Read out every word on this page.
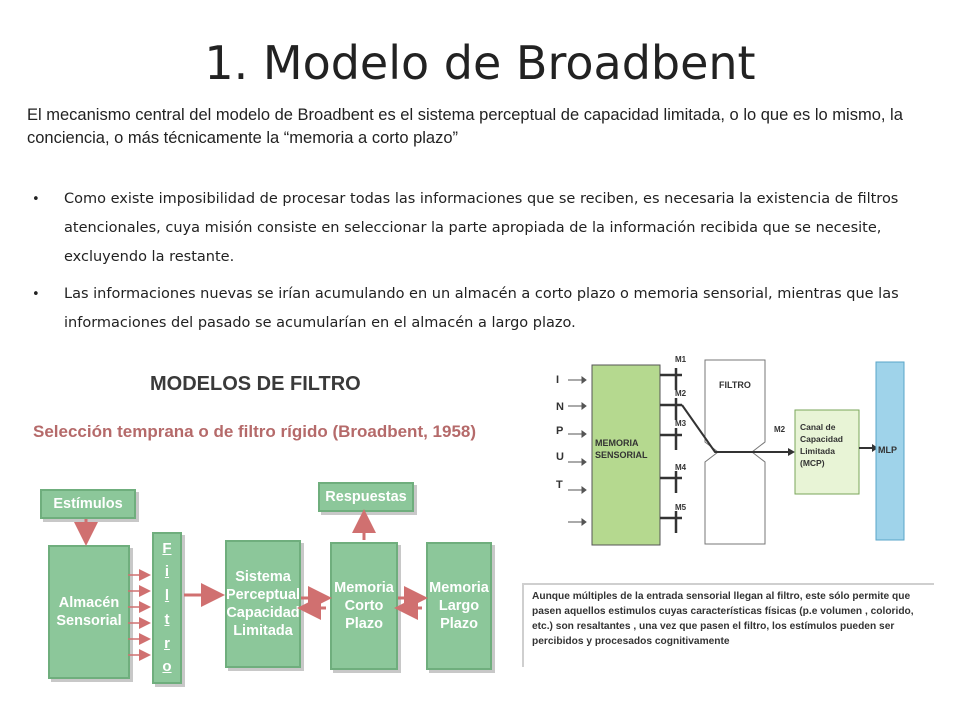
1. Modelo de Broadbent
El mecanismo central del modelo de Broadbent es el sistema perceptual de capacidad limitada, o lo que es lo mismo, la conciencia, o más técnicamente la “memoria a corto plazo”
• Como existe imposibilidad de procesar todas las informaciones que se reciben, es necesaria la existencia de filtros atencionales, cuya misión consiste en seleccionar la parte apropiada de la información recibida que se necesite, excluyendo la restante.
• Las informaciones nuevas se irían acumulando en un almacén a corto plazo o memoria sensorial, mientras que las informaciones del pasado se acumularían en el almacén a largo plazo.
MODELOS DE FILTRO
Selección temprana o de filtro rígido (Broadbent, 1958)
Estímulos	Respuestas
Almacén Sensorial
F
i
l
t
r
o
Sistema Perceptual Capacidad Limitada
Memoria Corto Plazo
Memoria Largo Plazo
I
N
P
U
T
MEMORIA
SENSORIAL
M1
M2
M3
M4
M5
FILTRO
M2 Canal de
Capacidad
Limitada
(MCP)
MLP
Aunque múltiples de la entrada sensorial llegan al filtro, este sólo permite que pasen aquellos estimulos cuyas características físicas (p.e volumen , colorido, etc.) son resaltantes , una vez que pasen el filtro, los estímulos pueden ser percibidos y procesados cognitivamente
